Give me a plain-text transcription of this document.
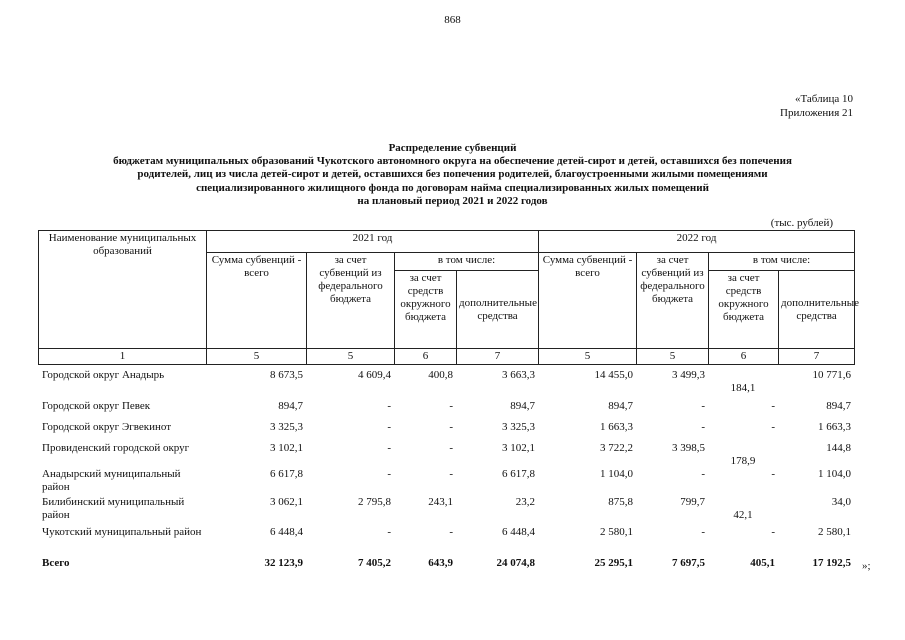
868
«Таблица 10
Приложения 21
Распределение субвенций
бюджетам муниципальных образований Чукотского автономного округа на обеспечение детей-сирот и детей, оставшихся без попечения
родителей, лиц из числа детей-сирот и детей, оставшихся без попечения родителей, благоустроенными жилыми помещениями
специализированного жилищного фонда по договорам найма специализированных жилых помещений
на плановый период 2021 и 2022 годов
(тыс. рублей)
Наименование муниципальных образований	2021 год				2022 год			
	Сумма субвенций - всего	за счет субвенций из федерального бюджета	в том числе:		Сумма субвенций - всего	за счет субвенций из федерального бюджета	в том числе:	
			за счет средств окружного бюджета	дополнительные средства			за счет средств окружного бюджета	дополнительные средства
1	5	5	6	7	5	5	6	7
Городской округ Анадырь	8 673,5	4 609,4	400,8	3 663,3	14 455,0	3 499,3	184,1	10 771,6
Городской округ Певек	894,7	-	-	894,7	894,7	-	-	894,7
Городской округ Эгвекинот	3 325,3	-	-	3 325,3	1 663,3	-	-	1 663,3
Провиденский городской округ	3 102,1	-	-	3 102,1	3 722,2	3 398,5	178,9	144,8
Анадырский муниципальный район	6 617,8	-	-	6 617,8	1 104,0	-	-	1 104,0
Билибинский муниципальный район	3 062,1	2 795,8	243,1	23,2	875,8	799,7	42,1	34,0
Чукотский муниципальный район	6 448,4	-	-	6 448,4	2 580,1	-	-	2 580,1
Всего	32 123,9	7 405,2	643,9	24 074,8	25 295,1	7 697,5	405,1	17 192,5 »;
